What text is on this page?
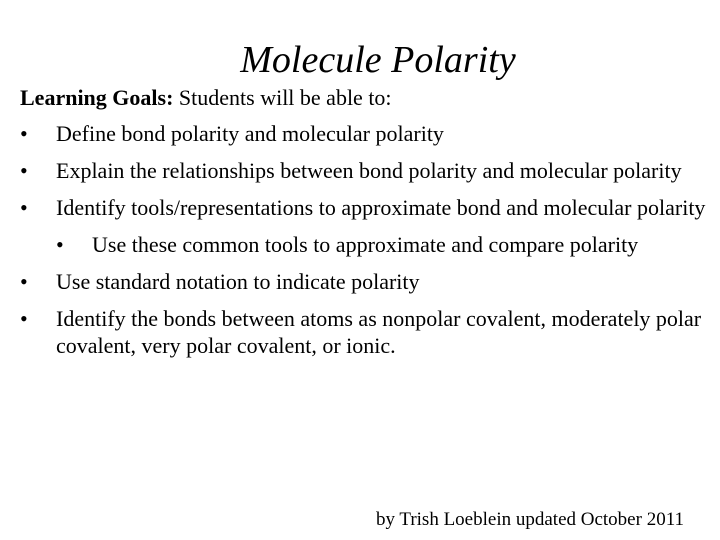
Molecule Polarity
Learning Goals: Students will be able to:
•	Define bond polarity and molecular polarity
•	Explain the relationships between bond polarity and molecular polarity
•	Identify tools/representations to approximate bond and molecular polarity
•	Use these common tools to approximate and compare polarity
•	Use standard notation to indicate polarity
•	Identify the bonds between atoms as nonpolar covalent, moderately polar covalent, very polar covalent, or ionic.
by Trish Loeblein updated October 2011
